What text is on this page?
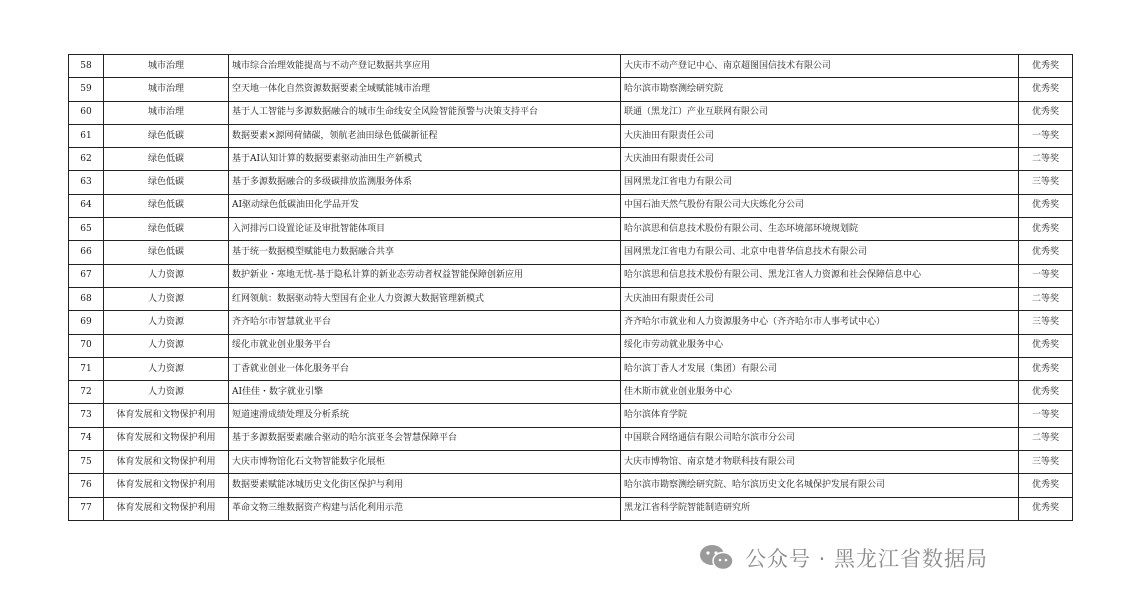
58	城市治理	城市综合治理效能提高与不动产登记数据共享应用	大庆市不动产登记中心、南京超图国信技术有限公司	优秀奖
59	城市治理	空天地一体化自然资源数据要素全域赋能城市治理	哈尔滨市勘察测绘研究院	优秀奖
60	城市治理	基于人工智能与多源数据融合的城市生命线安全风险智能预警与决策支持平台	联通（黑龙江）产业互联网有限公司	优秀奖
61	绿色低碳	数据要素×源网荷储碳，领航老油田绿色低碳新征程	大庆油田有限责任公司	一等奖
62	绿色低碳	基于AI认知计算的数据要素驱动油田生产新模式	大庆油田有限责任公司	二等奖
63	绿色低碳	基于多源数据融合的多级碳排放监测服务体系	国网黑龙江省电力有限公司	三等奖
64	绿色低碳	AI驱动绿色低碳油田化学品开发	中国石油天然气股份有限公司大庆炼化分公司	优秀奖
65	绿色低碳	入河排污口设置论证及审批智能体项目	哈尔滨思和信息技术股份有限公司、生态环境部环境规划院	优秀奖
66	绿色低碳	基于统一数据模型赋能电力数据融合共享	国网黑龙江省电力有限公司、北京中电普华信息技术有限公司	优秀奖
67	人力资源	数护新业・寒地无忧-基于隐私计算的新业态劳动者权益智能保障创新应用	哈尔滨思和信息技术股份有限公司、黑龙江省人力资源和社会保障信息中心	一等奖
68	人力资源	红网领航：数据驱动特大型国有企业人力资源大数据管理新模式	大庆油田有限责任公司	二等奖
69	人力资源	齐齐哈尔市智慧就业平台	齐齐哈尔市就业和人力资源服务中心（齐齐哈尔市人事考试中心）	三等奖
70	人力资源	绥化市就业创业服务平台	绥化市劳动就业服务中心	优秀奖
71	人力资源	丁香就业创业一体化服务平台	哈尔滨丁香人才发展（集团）有限公司	优秀奖
72	人力资源	AI佳佳・数字就业引擎	佳木斯市就业创业服务中心	优秀奖
73	体育发展和文物保护利用	短道速滑成绩处理及分析系统	哈尔滨体育学院	一等奖
74	体育发展和文物保护利用	基于多源数据要素融合驱动的哈尔滨亚冬会智慧保障平台	中国联合网络通信有限公司哈尔滨市分公司	二等奖
75	体育发展和文物保护利用	大庆市博物馆化石文物智能数字化展柜	大庆市博物馆、南京楚才物联科技有限公司	三等奖
76	体育发展和文物保护利用	数据要素赋能冰城历史文化街区保护与利用	哈尔滨市勘察测绘研究院、哈尔滨历史文化名城保护发展有限公司	优秀奖
77	体育发展和文物保护利用	革命文物三维数据资产构建与活化利用示范	黑龙江省科学院智能制造研究所	优秀奖
公众号 · 黑龙江省数据局
